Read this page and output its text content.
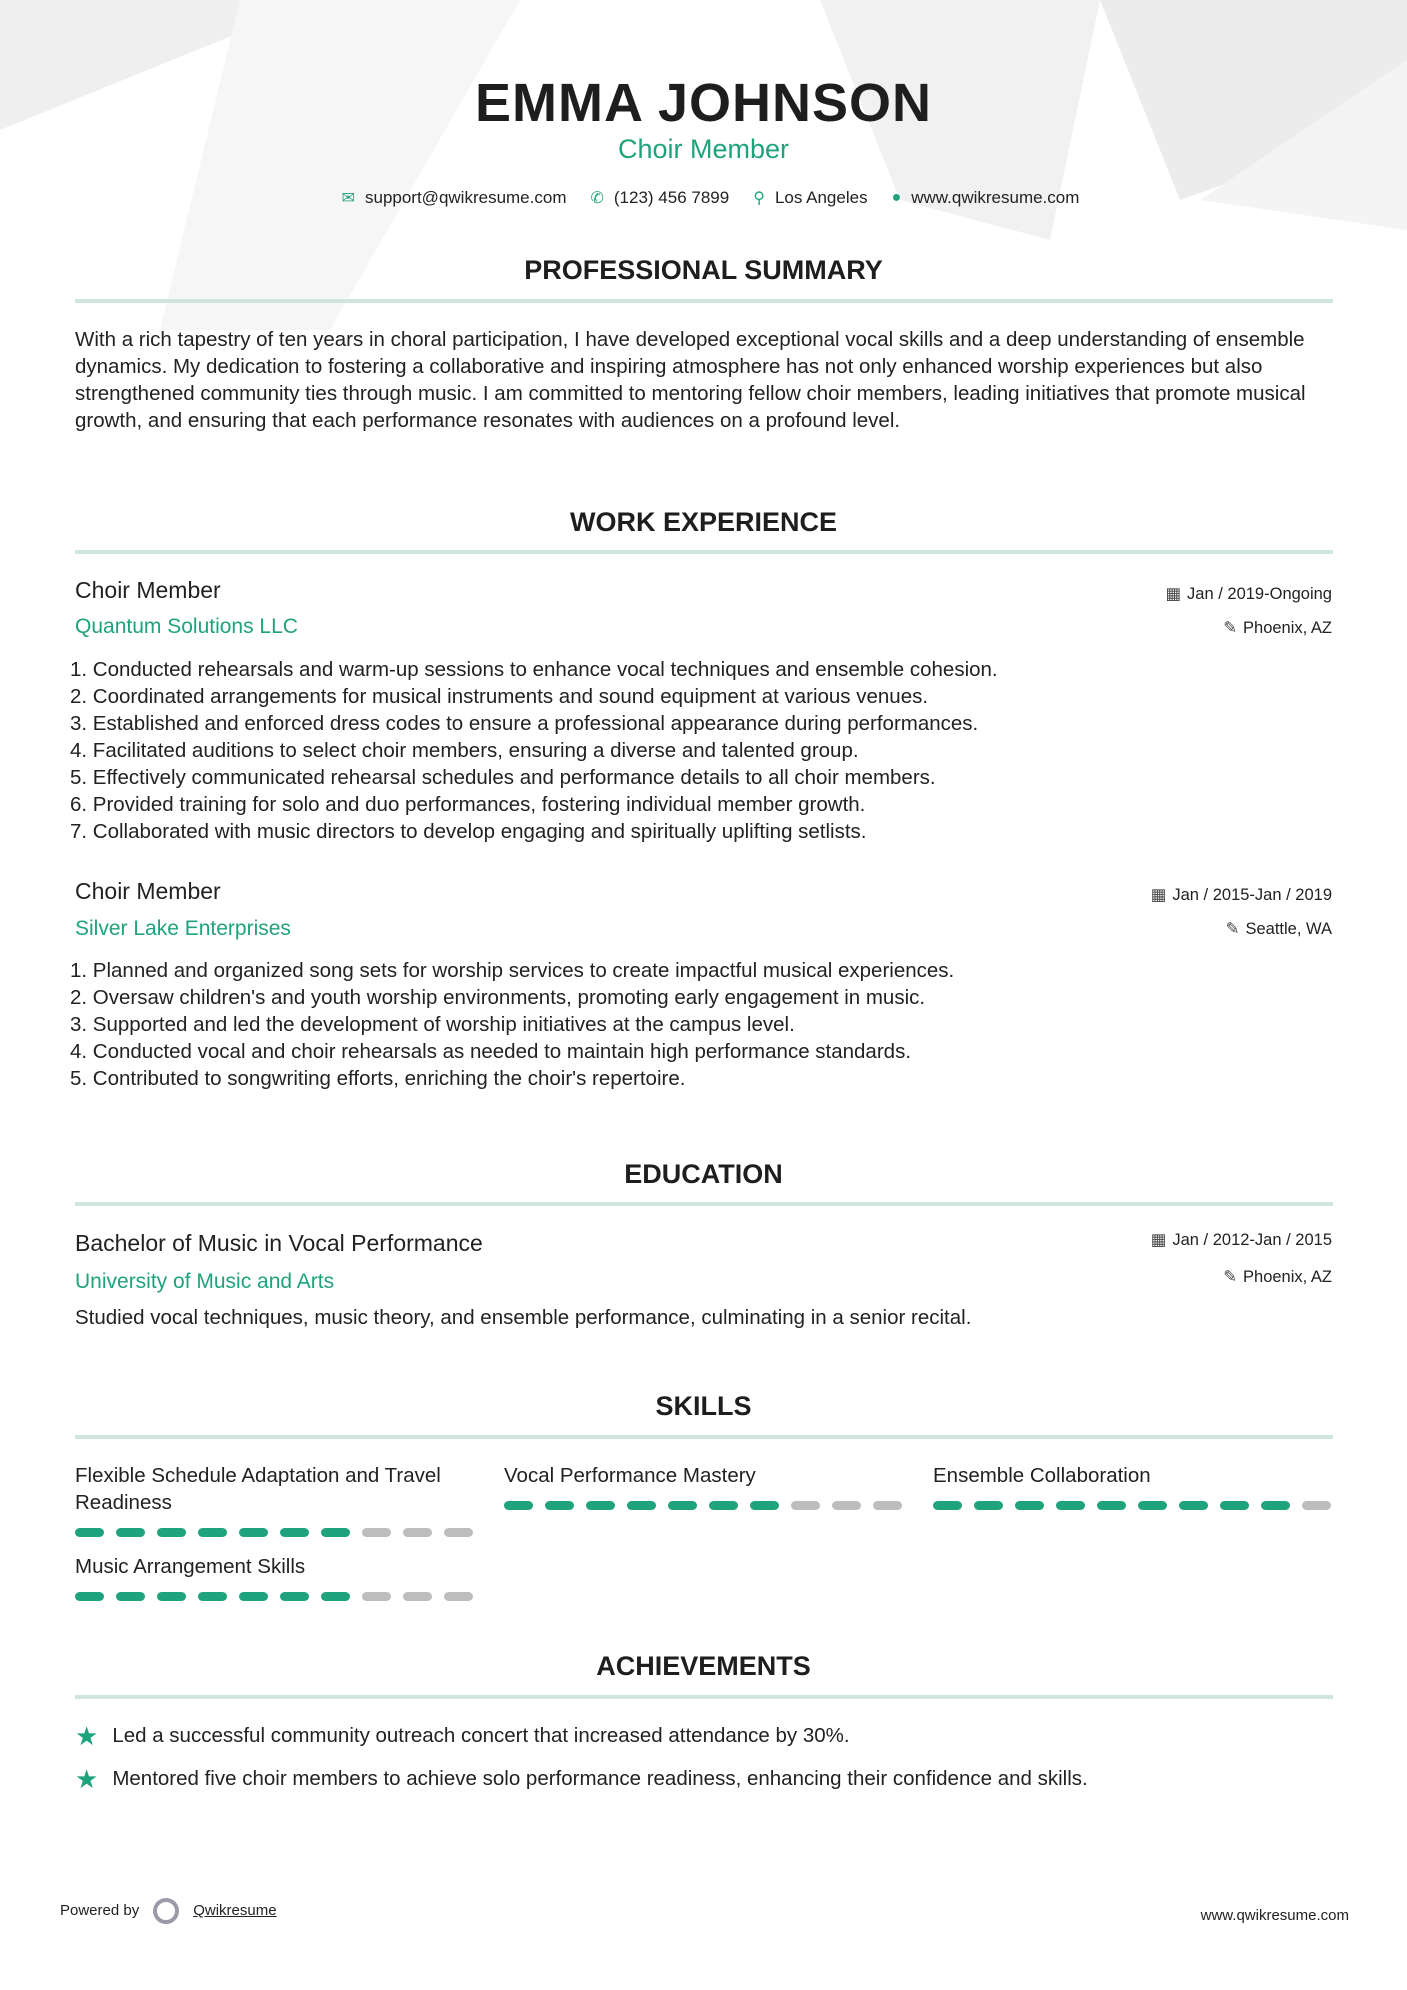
EMMA JOHNSON
Choir Member
✉ support@qwikresume.com ✆ (123) 456 7899 ⚲ Los Angeles ● www.qwikresume.com
PROFESSIONAL SUMMARY
With a rich tapestry of ten years in choral participation, I have developed exceptional vocal skills and a deep understanding of ensemble dynamics. My dedication to fostering a collaborative and inspiring atmosphere has not only enhanced worship experiences but also strengthened community ties through music. I am committed to mentoring fellow choir members, leading initiatives that promote musical growth, and ensuring that each performance resonates with audiences on a profound level.
WORK EXPERIENCE
Choir Member	▦ Jan / 2019-Ongoing
Quantum Solutions LLC	✎ Phoenix, AZ
1. Conducted rehearsals and warm-up sessions to enhance vocal techniques and ensemble cohesion.
2. Coordinated arrangements for musical instruments and sound equipment at various venues.
3. Established and enforced dress codes to ensure a professional appearance during performances.
4. Facilitated auditions to select choir members, ensuring a diverse and talented group.
5. Effectively communicated rehearsal schedules and performance details to all choir members.
6. Provided training for solo and duo performances, fostering individual member growth.
7. Collaborated with music directors to develop engaging and spiritually uplifting setlists.
Choir Member	▦ Jan / 2015-Jan / 2019
Silver Lake Enterprises	✎ Seattle, WA
1. Planned and organized song sets for worship services to create impactful musical experiences.
2. Oversaw children's and youth worship environments, promoting early engagement in music.
3. Supported and led the development of worship initiatives at the campus level.
4. Conducted vocal and choir rehearsals as needed to maintain high performance standards.
5. Contributed to songwriting efforts, enriching the choir's repertoire.
EDUCATION
Bachelor of Music in Vocal Performance	▦ Jan / 2012-Jan / 2015
University of Music and Arts	✎ Phoenix, AZ
Studied vocal techniques, music theory, and ensemble performance, culminating in a senior recital.
SKILLS
Flexible Schedule Adaptation and Travel Readiness
Vocal Performance Mastery	Ensemble Collaboration
Music Arrangement Skills
ACHIEVEMENTS
★ Led a successful community outreach concert that increased attendance by 30%.
★ Mentored five choir members to achieve solo performance readiness, enhancing their confidence and skills.
Powered by	Qwikresume	www.qwikresume.com
